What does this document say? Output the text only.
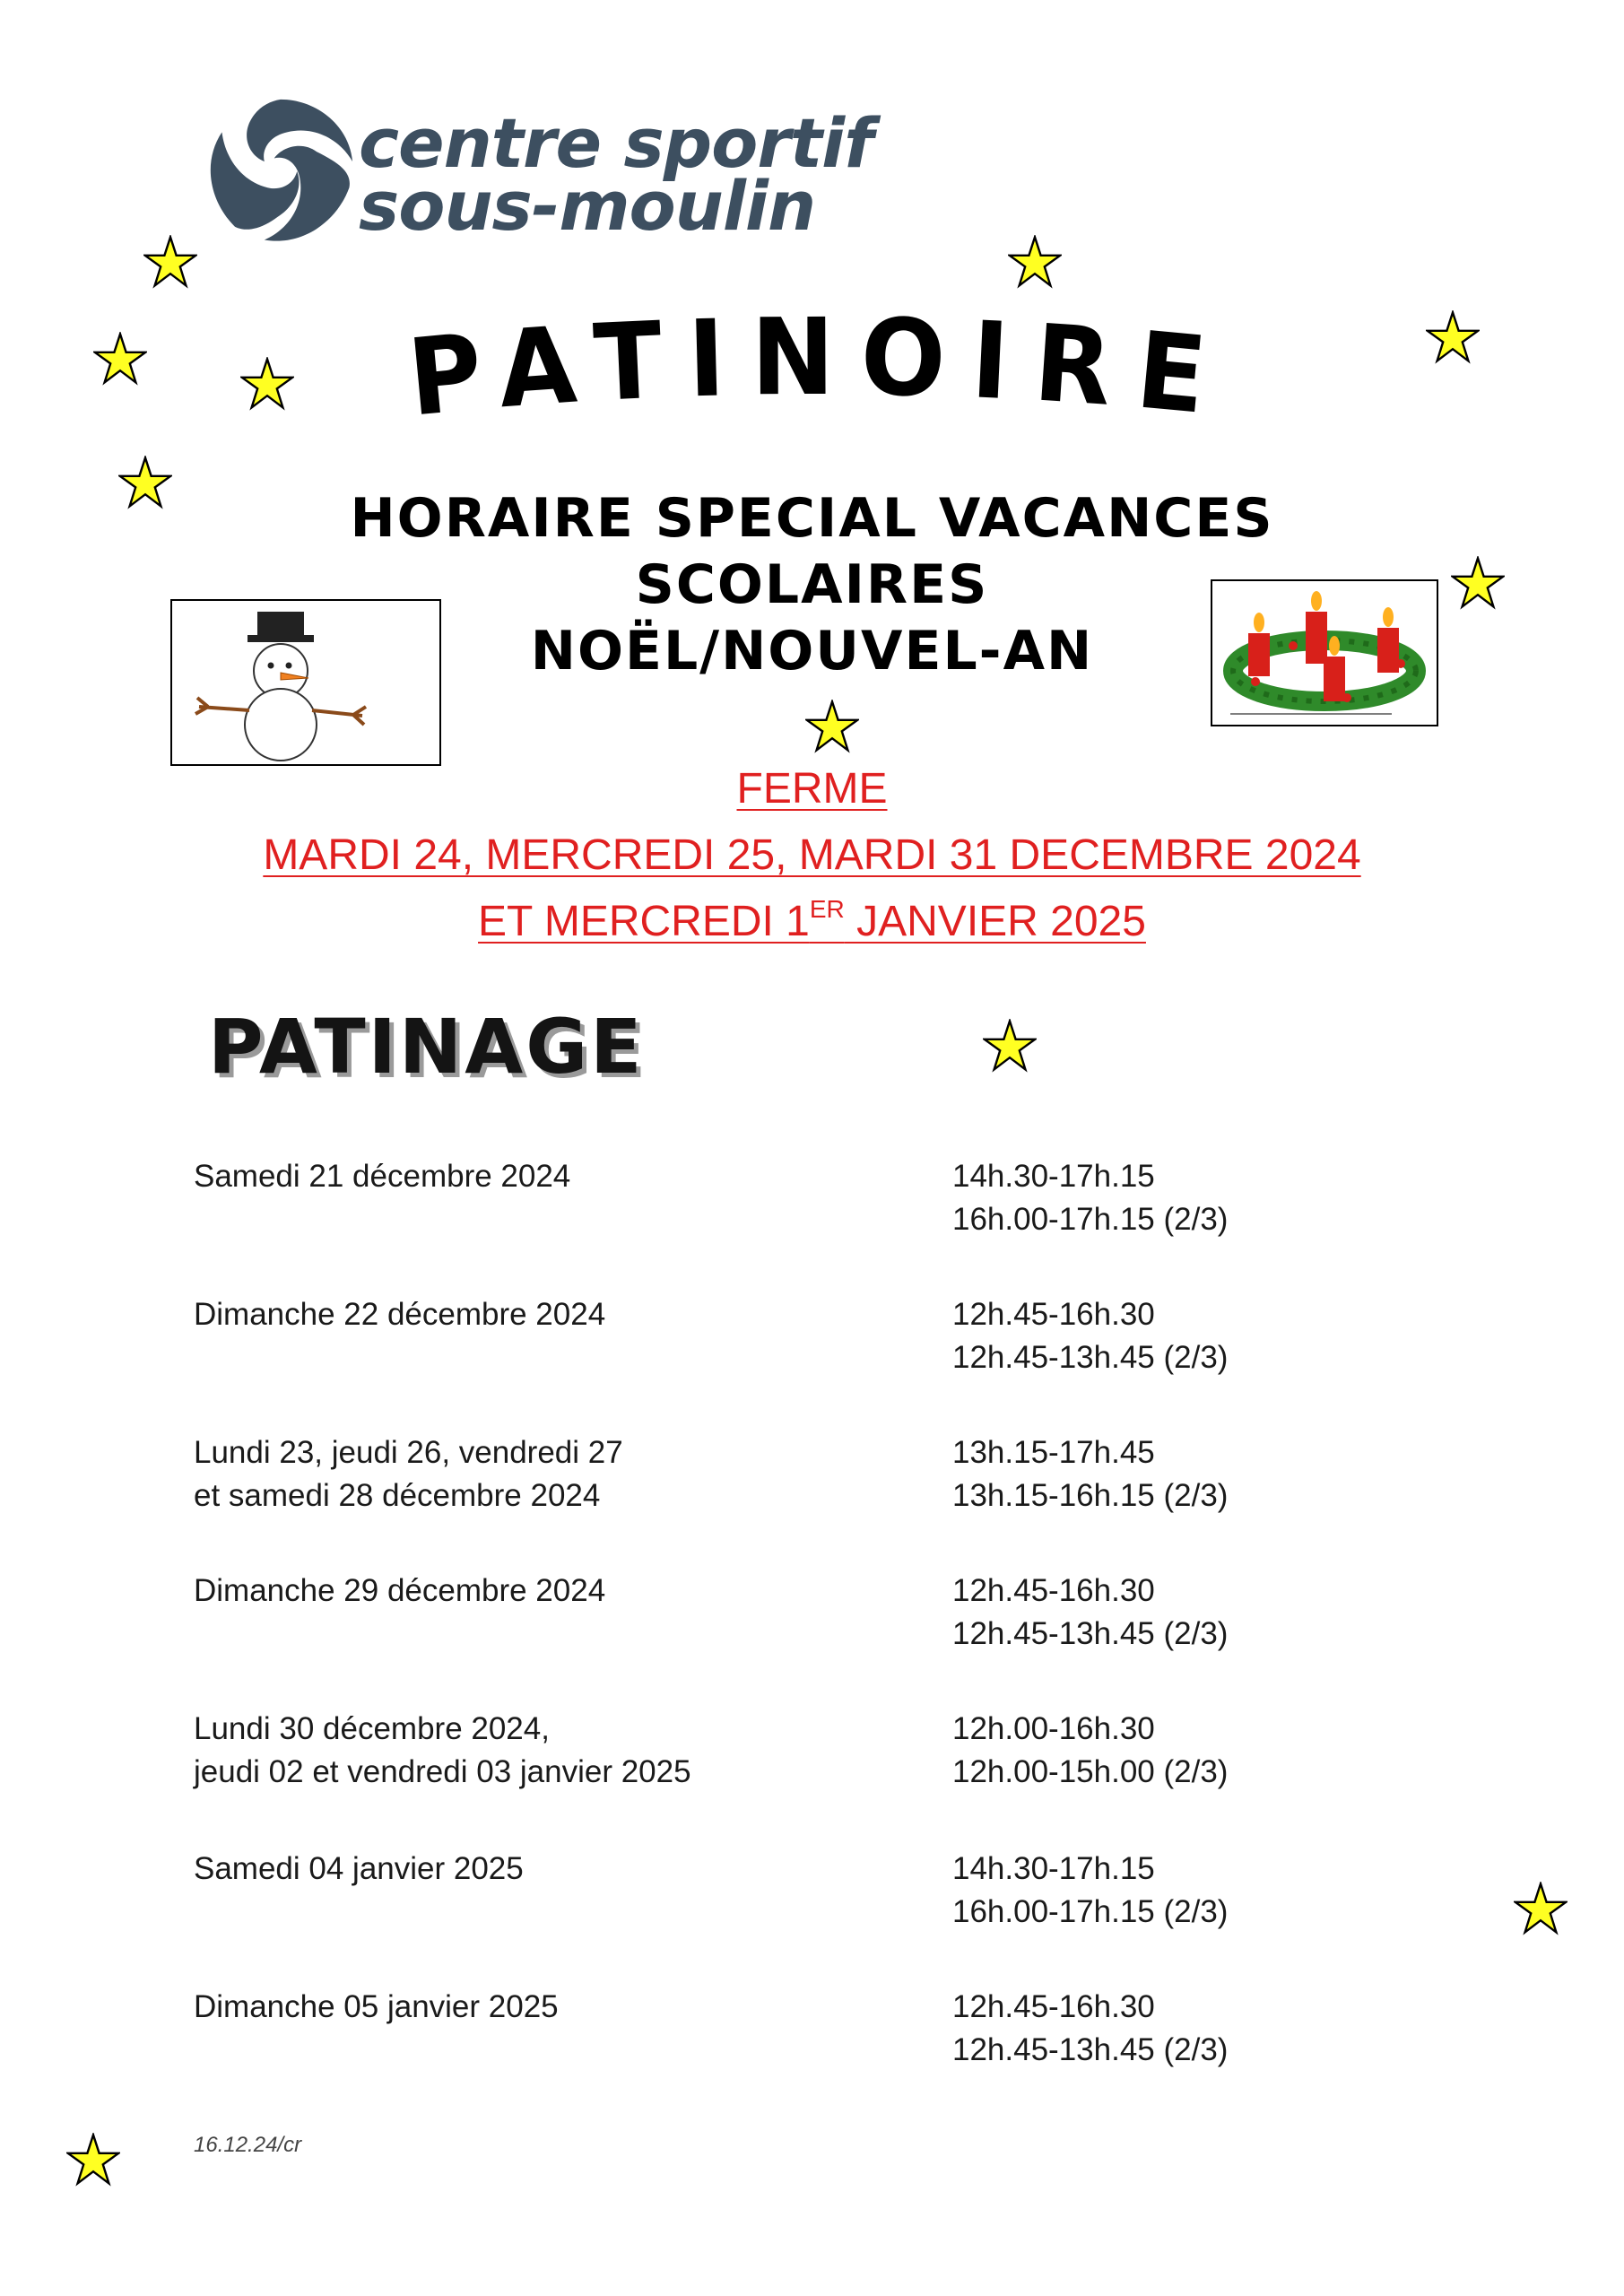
centre sportif
sous-moulin
PATINOIRE
HORAIRE SPECIAL VACANCES
SCOLAIRES
NOËL/NOUVEL-AN
FERME
MARDI 24, MERCREDI 25, MARDI 31 DECEMBRE 2024
ET MERCREDI 1ER JANVIER 2025
PATINAGE
Samedi 21 décembre 2024	14h.30-17h.15
16h.00-17h.15 (2/3)
Dimanche 22 décembre 2024	12h.45-16h.30
12h.45-13h.45 (2/3)
Lundi 23, jeudi 26, vendredi 27
et samedi 28 décembre 2024
13h.15-17h.45
13h.15-16h.15 (2/3)
Dimanche 29 décembre 2024	12h.45-16h.30
12h.45-13h.45 (2/3)
Lundi 30 décembre 2024,
jeudi 02 et vendredi 03 janvier 2025
12h.00-16h.30
12h.00-15h.00 (2/3)
Samedi 04 janvier 2025	14h.30-17h.15
16h.00-17h.15 (2/3)
Dimanche 05 janvier 2025	12h.45-16h.30
12h.45-13h.45 (2/3)
16.12.24/cr
